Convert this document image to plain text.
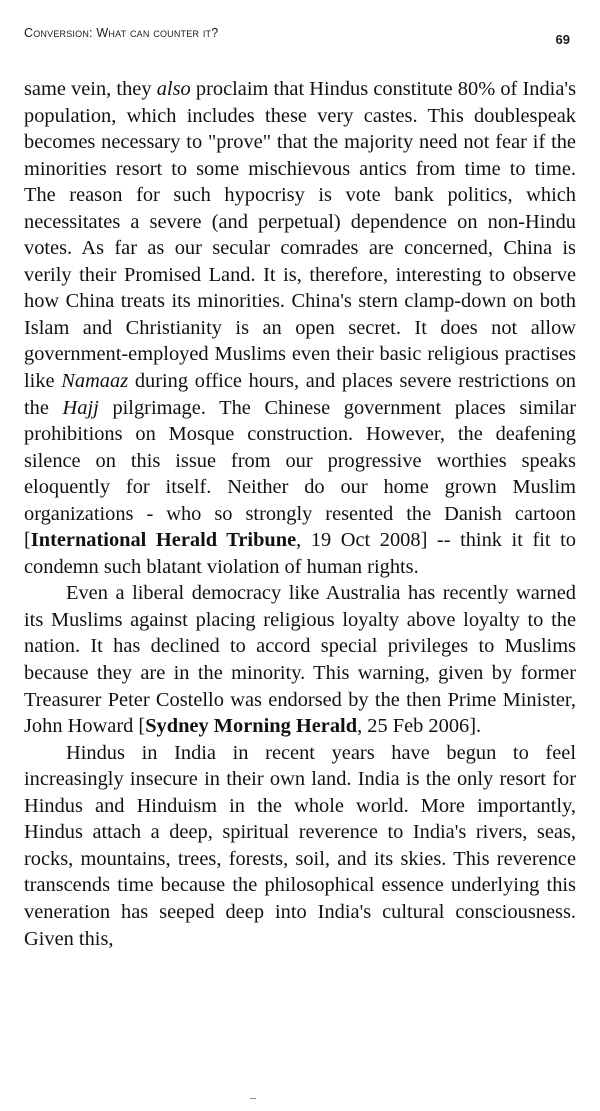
Conversion: What can counter it?	69

same vein, they also proclaim that Hindus constitute 80% of India's population, which includes these very castes. This doublespeak becomes necessary to "prove" that the majority need not fear if the minorities resort to some mischievous antics from time to time. The reason for such hypocrisy is vote bank politics, which necessitates a severe (and perpetual) dependence on non-Hindu votes. As far as our secular comrades are concerned, China is verily their Promised Land. It is, therefore, interesting to observe how China treats its minorities. China's stern clamp-down on both Islam and Christianity is an open secret. It does not allow government-employed Muslims even their basic religious practises like Namaaz during office hours, and places severe restrictions on the Hajj pilgrimage. The Chinese government places similar prohibitions on Mosque construction. However, the deafening silence on this issue from our progressive worthies speaks eloquently for itself. Neither do our home grown Muslim organizations - who so strongly resented the Danish cartoon [International Herald Tribune, 19 Oct 2008] -- think it fit to condemn such blatant violation of human rights.

Even a liberal democracy like Australia has recently warned its Muslims against placing religious loyalty above loyalty to the nation. It has declined to accord special privileges to Muslims because they are in the minority. This warning, given by former Treasurer Peter Costello was endorsed by the then Prime Minister, John Howard [Sydney Morning Herald, 25 Feb 2006].

Hindus in India in recent years have begun to feel increasingly insecure in their own land. India is the only resort for Hindus and Hinduism in the whole world. More importantly, Hindus attach a deep, spiritual reverence to India's rivers, seas, rocks, mountains, trees, forests, soil, and its skies. This reverence transcends time because the philosophical essence underlying this veneration has seeped deep into India's cultural consciousness. Given this,
